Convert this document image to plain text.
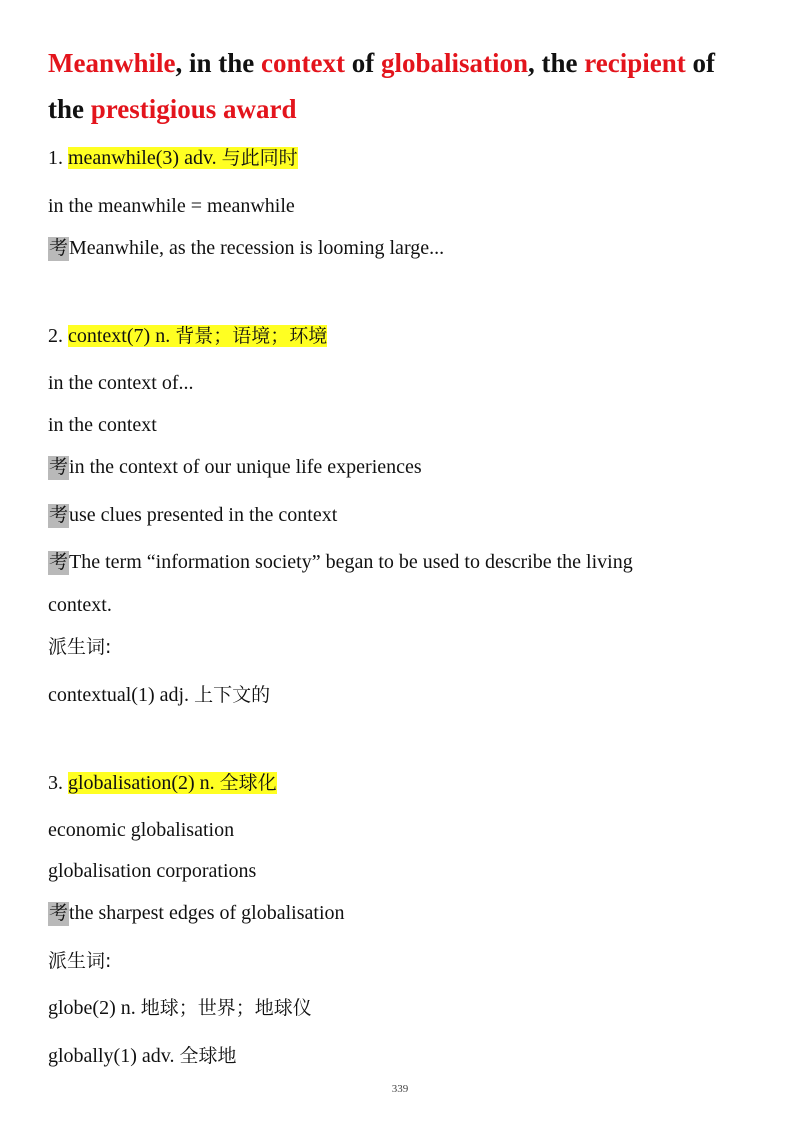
Meanwhile, in the context of globalisation, the recipient of
the prestigious award
1. meanwhile(3) adv. 与此同时
in the meanwhile = meanwhile
考Meanwhile, as the recession is looming large...
2. context(7) n. 背景；语境；环境
in the context of...
in the context
考in the context of our unique life experiences
考use clues presented in the context
考The term “information society” began to be used to describe the living
context.
派生词:
contextual(1) adj. 上下文的
3. globalisation(2) n. 全球化
economic globalisation
globalisation corporations
考the sharpest edges of globalisation
派生词:
globe(2) n. 地球；世界；地球仪
globally(1) adv. 全球地
339
